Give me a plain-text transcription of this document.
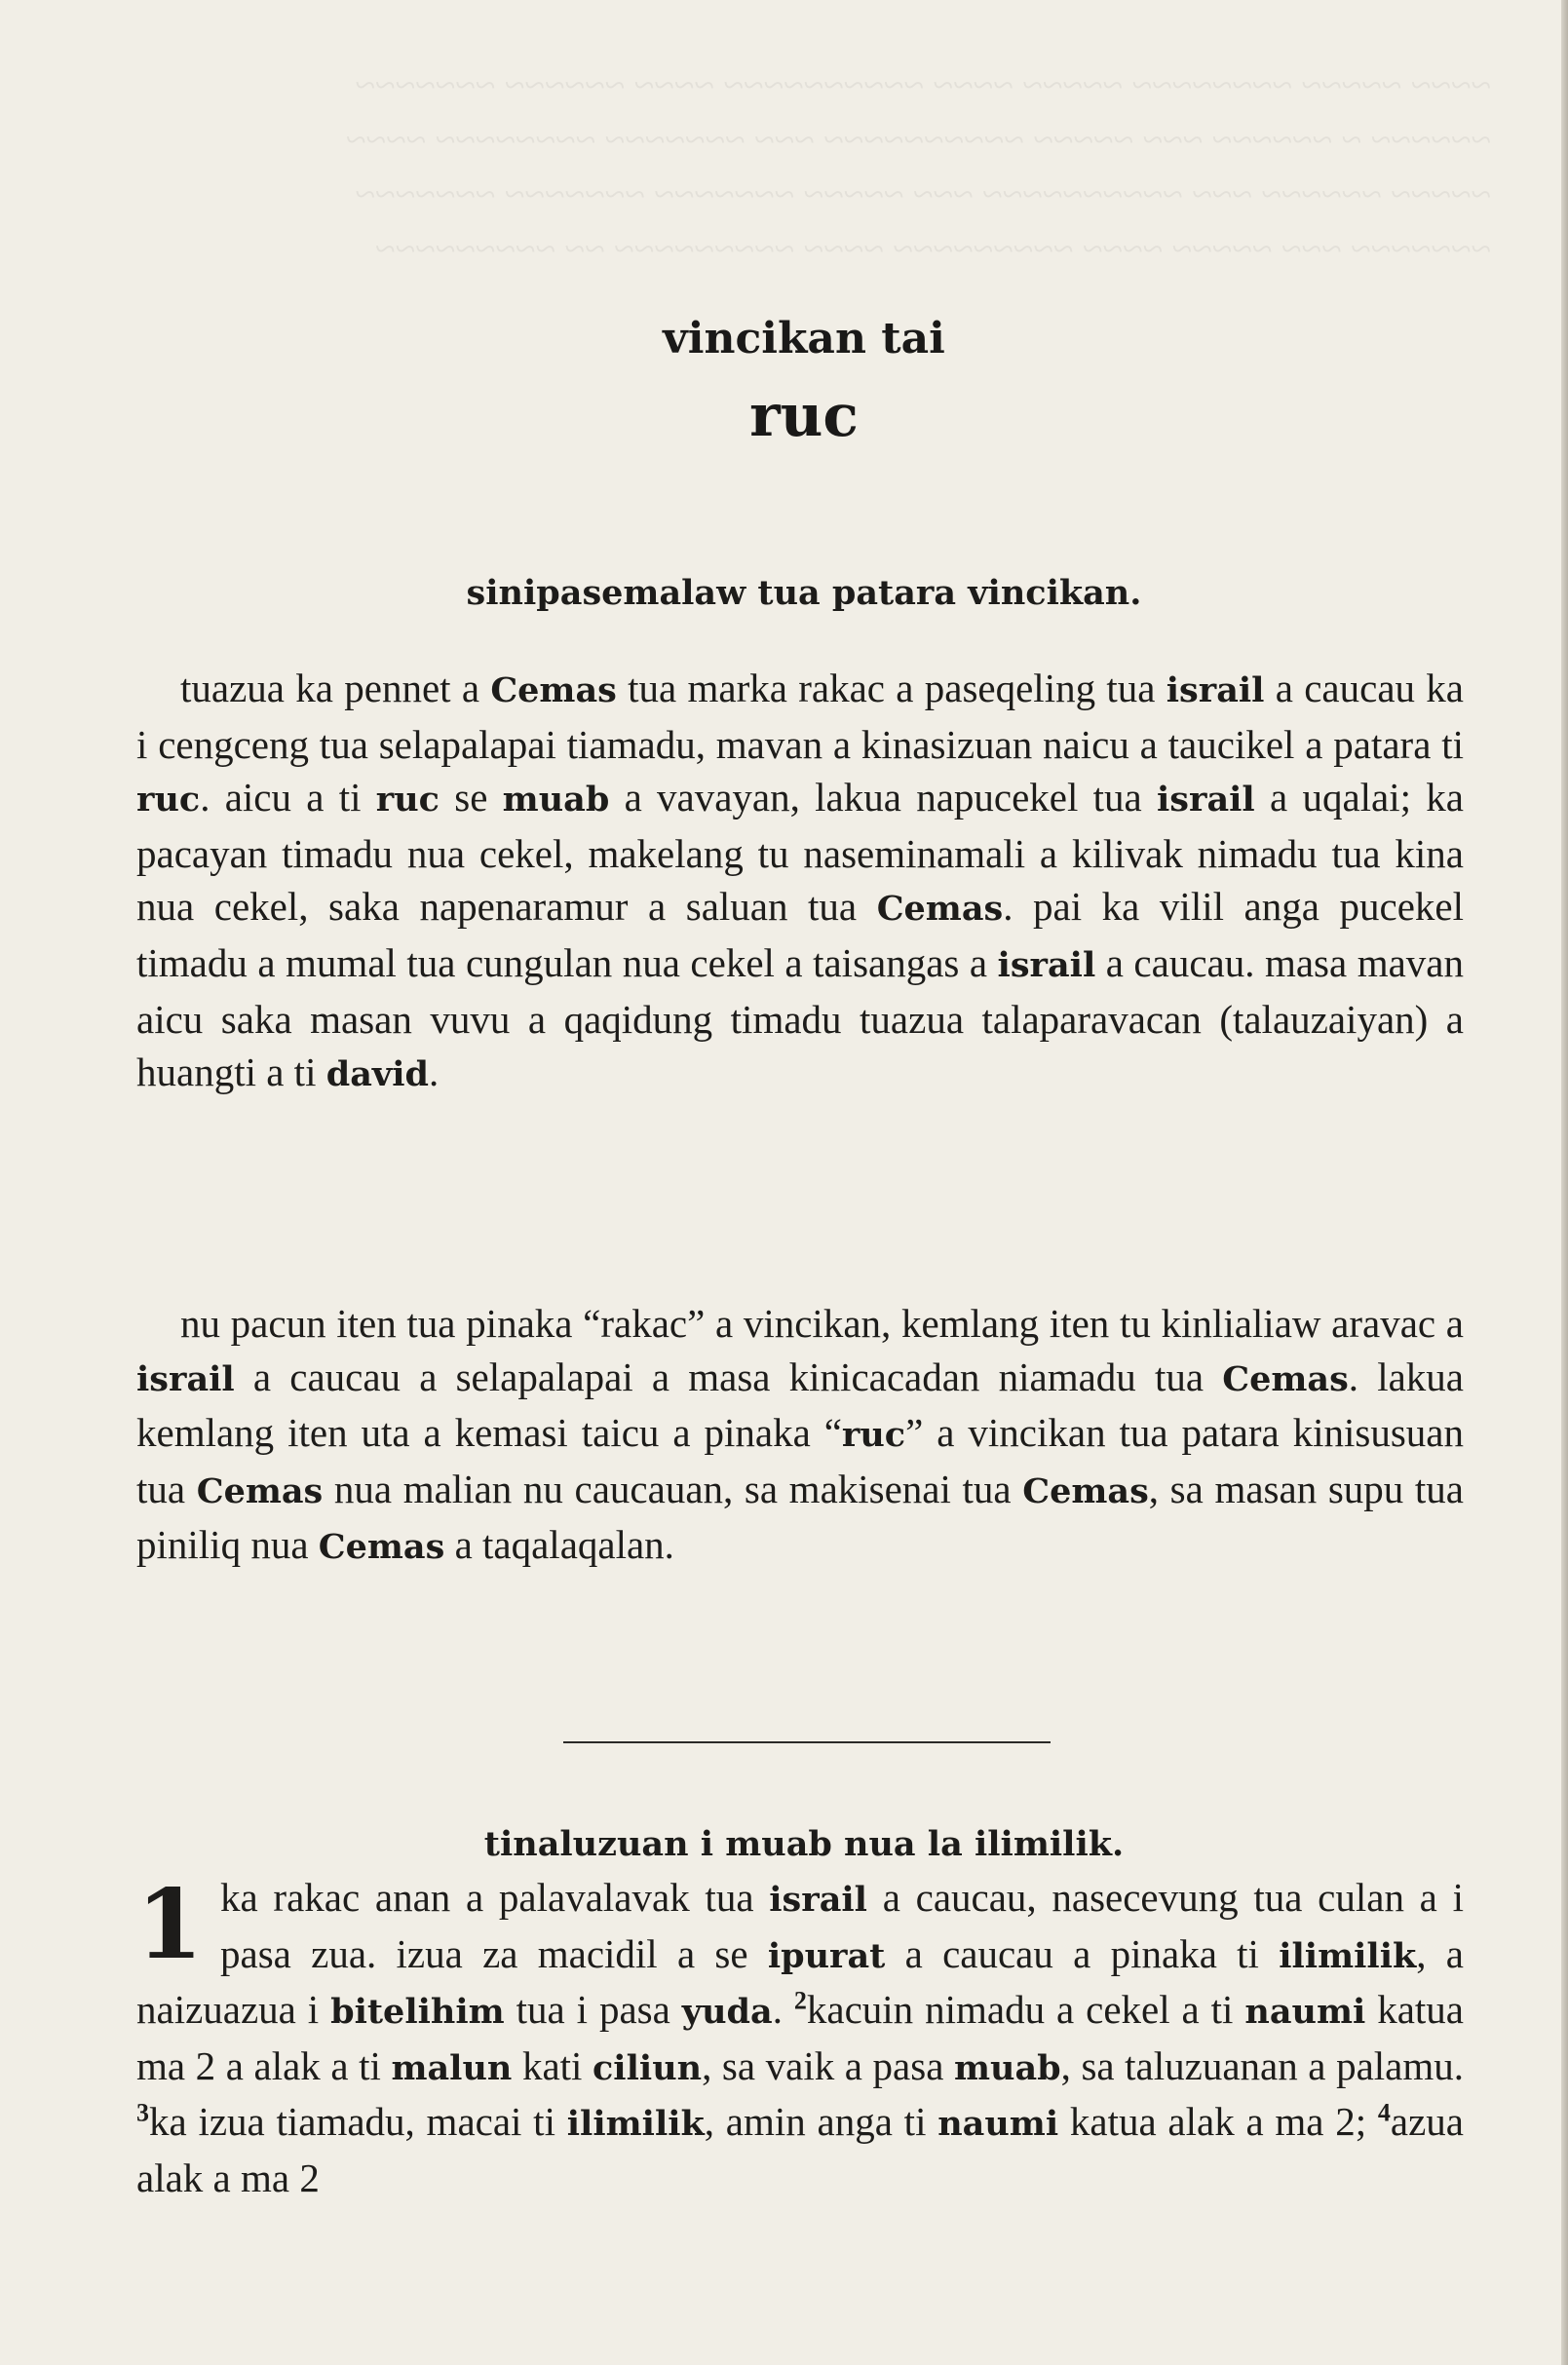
~~~~ ~~~~~ ~~~~~~~~ ~~~~~ ~~~~ ~~~~~~~~~~ ~~~~ ~~~~~~ ~~~~~~~
~~~~~~ ~ ~~~~~~ ~~~ ~~~~~ ~~~~~~~~~~ ~~~ ~~~~~~~ ~~~~~~~~ ~~~~
~~~~~ ~~~~~~ ~~~ ~~~~~~~~~~ ~~~ ~~~~~ ~~~~~~~ ~~~~~~~ ~~~~~~~
~~~~~~~ ~~~ ~~~~~ ~~~~ ~~~~~~~~~ ~~~~ ~~~~~~~~~ ~~ ~~~~~~~~~
vincikan tai
ruc
sinipasemalaw tua patara vincikan.

tuazua ka pennet a Cemas tua marka rakac a paseqeling tua israil a caucau ka i cengceng tua selapalapai tiamadu, mavan a kinasizuan naicu a taucikel a patara ti ruc. aicu a ti ruc se muab a vavayan, lakua napucekel tua israil a uqalai; ka pacayan timadu nua cekel, makelang tu naseminamali a kilivak nimadu tua kina nua cekel, saka napenaramur a saluan tua Cemas. pai ka vilil anga pucekel timadu a mumal tua cungulan nua cekel a taisangas a israil a caucau. masa mavan aicu saka masan vuvu a qaqidung timadu tuazua talaparavacan (talauzaiyan) a huangti a ti david.

nu pacun iten tua pinaka “rakac” a vincikan, kemlang iten tu kinlialiaw aravac a israil a caucau a selapalapai a masa kinicacadan niamadu tua Cemas. lakua kemlang iten uta a kemasi taicu a pinaka “ruc” a vincikan tua patara kinisusuan tua Cemas nua malian nu caucauan, sa makisenai tua Cemas, sa masan supu tua piniliq nua Cemas a taqalaqalan.

tinaluzuan i muab nua la ilimilik.
1 ka rakac anan a palavalavak tua israil a caucau, nasecevung tua culan a i pasa zua. izua za macidil a se ipurat a caucau a pinaka ti ilimilik, a naizuazua i bitelihim tua i pasa yuda. $^2$kacuin nimadu a cekel a ti naumi katua ma 2 a alak a ti malun kati ciliun, sa vaik a pasa muab, sa taluzuanan a palamu. $^3$ka izua tiamadu, macai ti ilimilik, amin anga ti naumi katua alak a ma 2; $^4$azua alak a ma 2
